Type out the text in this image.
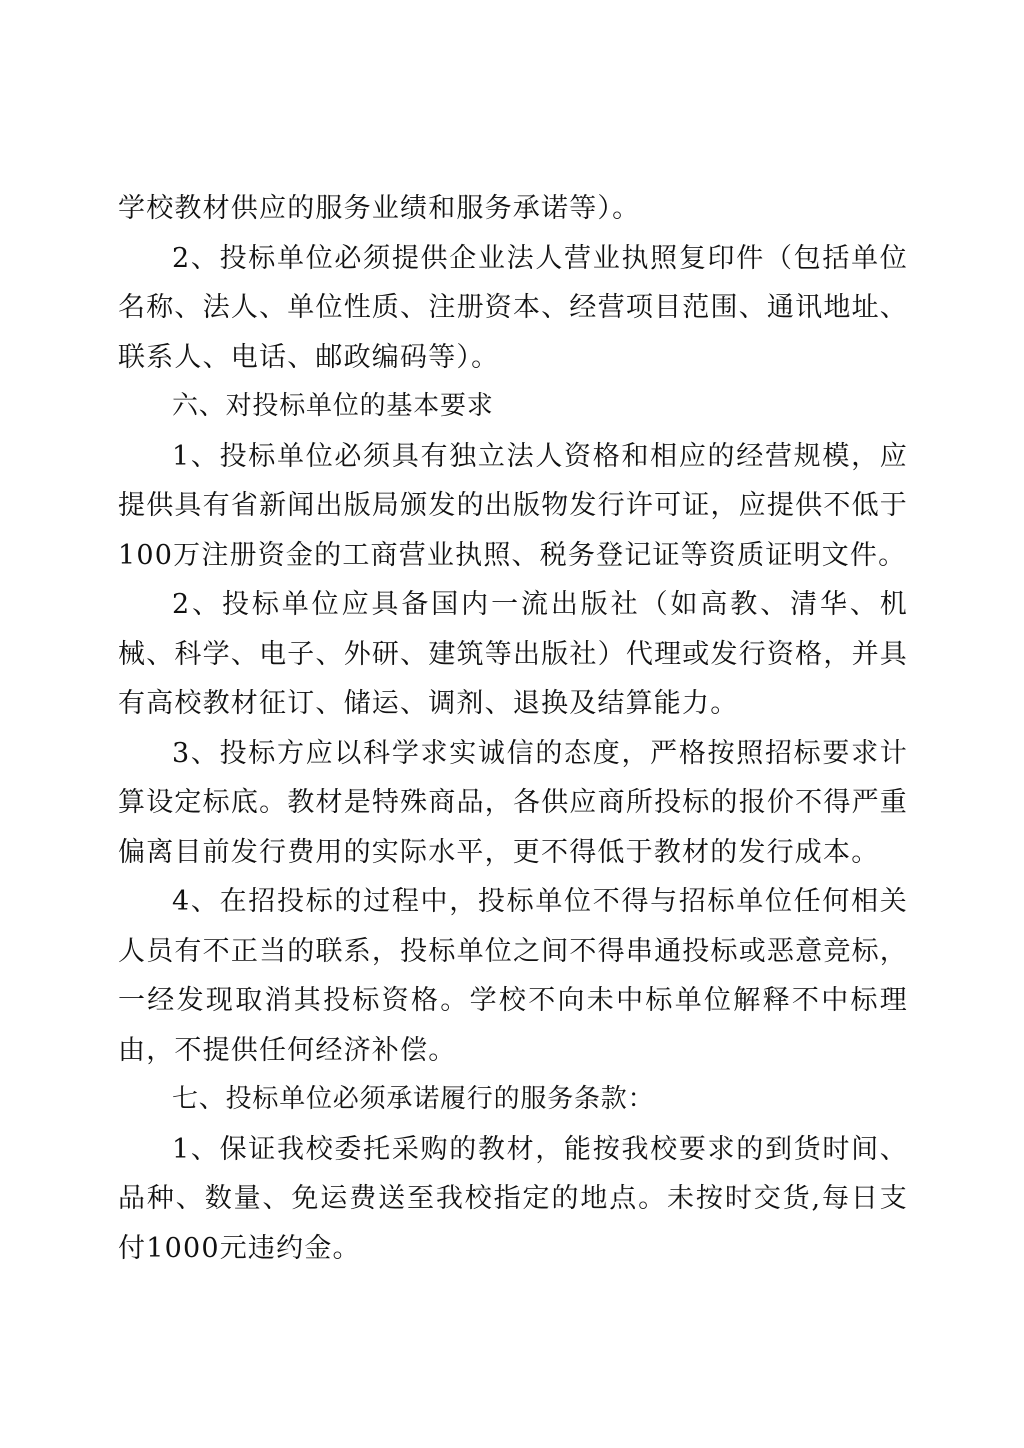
学校教材供应的服务业绩和服务承诺等）。

2、投标单位必须提供企业法人营业执照复印件（包括单位名称、法人、单位性质、注册资本、经营项目范围、通讯地址、联系人、电话、邮政编码等）。

六、对投标单位的基本要求

1、投标单位必须具有独立法人资格和相应的经营规模，应提供具有省新闻出版局颁发的出版物发行许可证，应提供不低于100万注册资金的工商营业执照、税务登记证等资质证明文件。

2、投标单位应具备国内一流出版社（如高教、清华、机械、科学、电子、外研、建筑等出版社）代理或发行资格，并具有高校教材征订、储运、调剂、退换及结算能力。

3、投标方应以科学求实诚信的态度，严格按照招标要求计算设定标底。教材是特殊商品，各供应商所投标的报价不得严重偏离目前发行费用的实际水平，更不得低于教材的发行成本。

4、在招投标的过程中，投标单位不得与招标单位任何相关人员有不正当的联系，投标单位之间不得串通投标或恶意竞标，一经发现取消其投标资格。学校不向未中标单位解释不中标理由，不提供任何经济补偿。

七、投标单位必须承诺履行的服务条款：

1、保证我校委托采购的教材，能按我校要求的到货时间、品种、数量、免运费送至我校指定的地点。未按时交货,每日支付1000元违约金。
